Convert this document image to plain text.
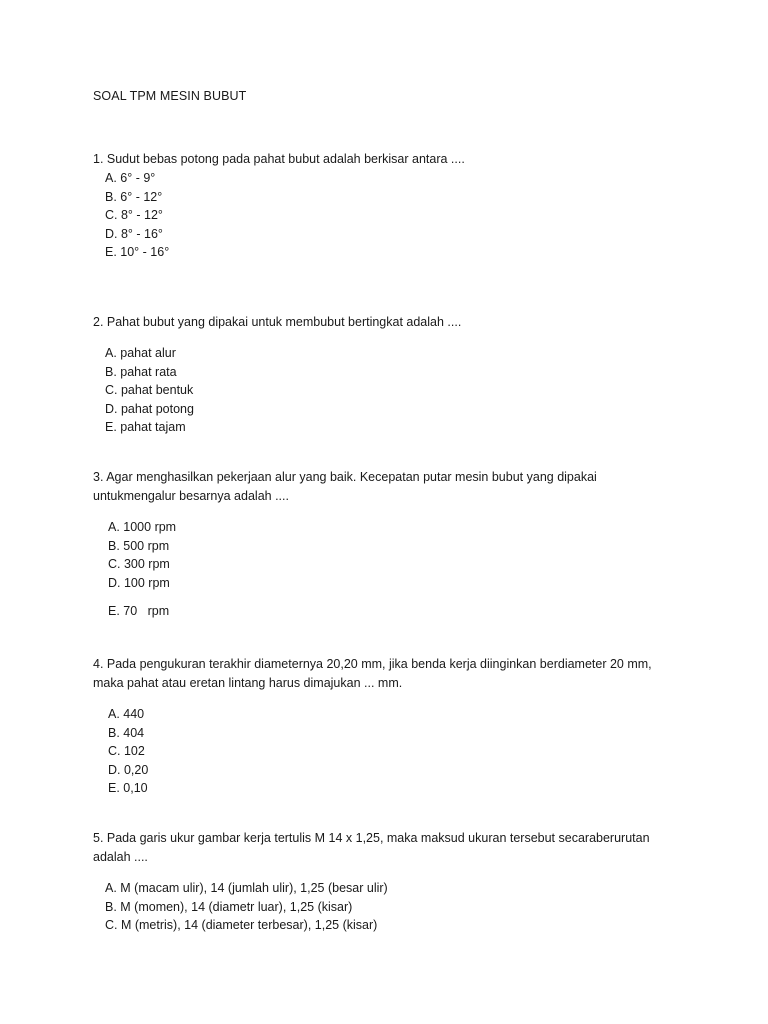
SOAL TPM MESIN BUBUT
1. Sudut bebas potong pada pahat bubut adalah berkisar antara ....
A. 6° - 9°
B. 6° - 12°
C. 8° - 12°
D. 8° - 16°
E. 10° - 16°
2. Pahat bubut yang dipakai untuk membubut bertingkat adalah ....
A. pahat alur
B. pahat rata
C. pahat bentuk
D. pahat potong
E. pahat tajam
3. Agar menghasilkan pekerjaan alur yang baik. Kecepatan putar mesin bubut yang dipakai untukmengalur besarnya adalah ....
A. 1000 rpm
B. 500 rpm
C. 300 rpm
D. 100 rpm
E. 70   rpm
4. Pada pengukuran terakhir diameternya 20,20 mm, jika benda kerja diinginkan berdiameter 20 mm, maka pahat atau eretan lintang harus dimajukan ... mm.
A. 440
B. 404
C. 102
D. 0,20
E. 0,10
5. Pada garis ukur gambar kerja tertulis M 14 x 1,25, maka maksud ukuran tersebut secaraberurutan adalah ....
A. M (macam ulir), 14 (jumlah ulir), 1,25 (besar ulir)
B. M (momen), 14 (diametr luar), 1,25 (kisar)
C. M (metris), 14 (diameter terbesar), 1,25 (kisar)
